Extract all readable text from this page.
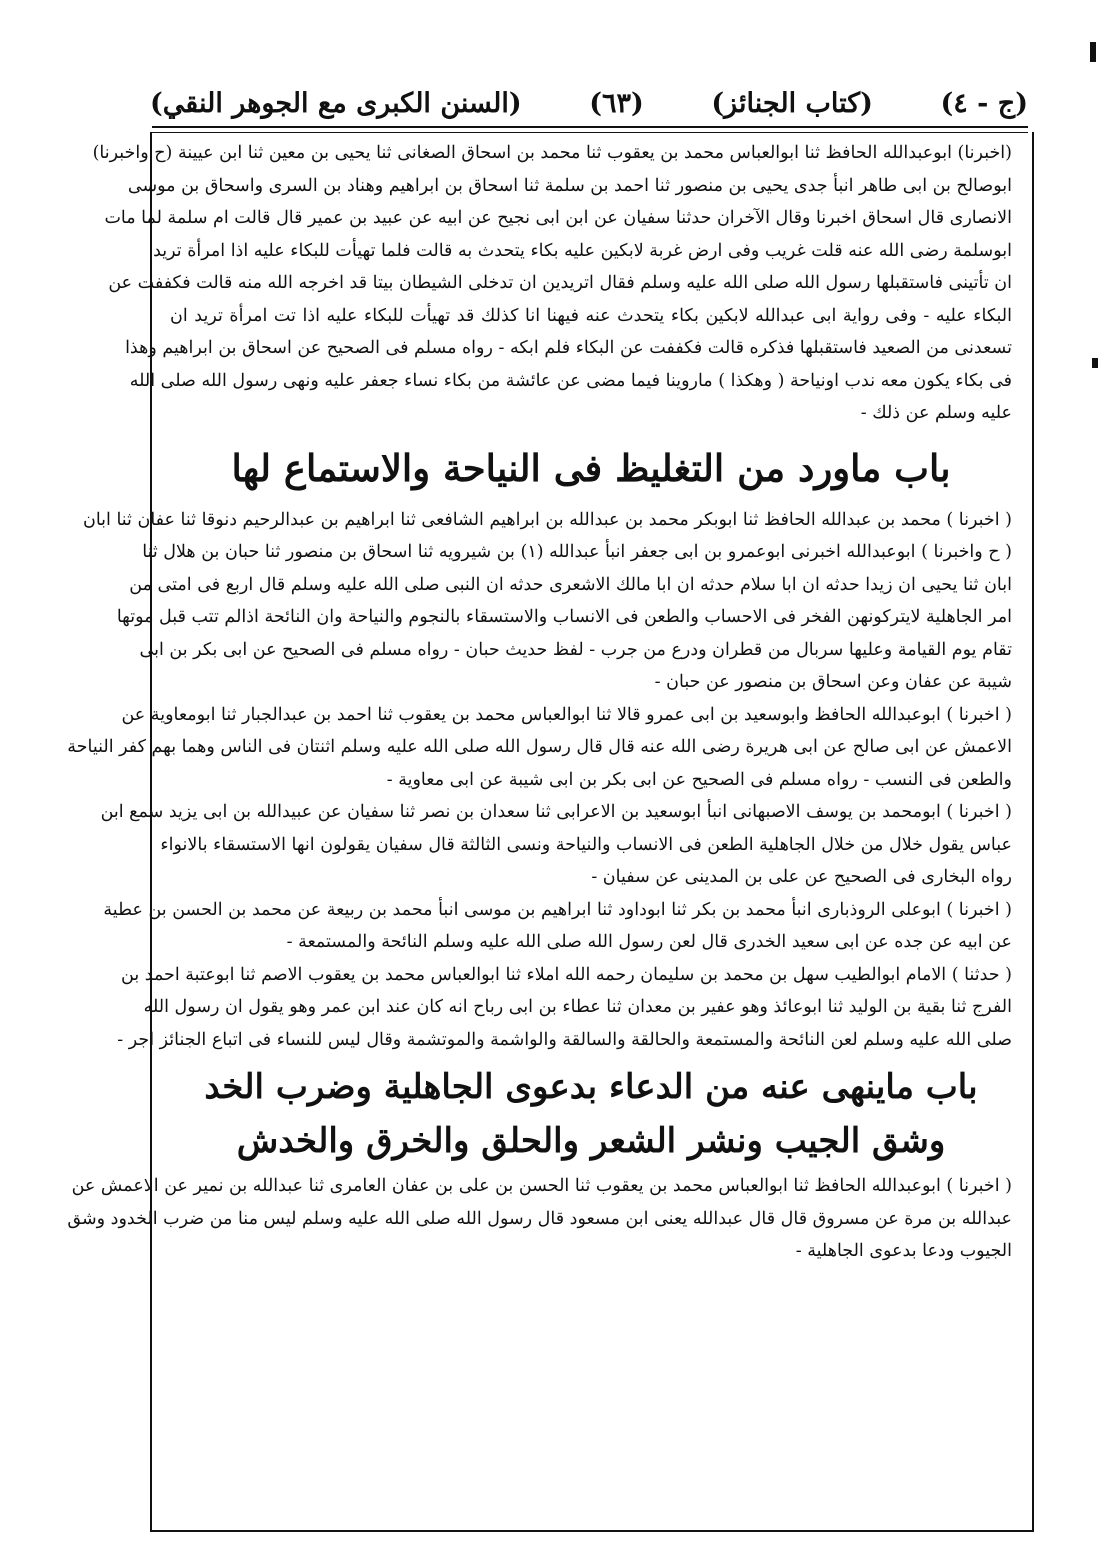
(السنن الكبرى مع الجوهر النقي)	(٦٣)	(كتاب الجنائز)	(ج - ٤)
(اخبرنا) ابوعبدالله الحافظ ثنا ابوالعباس محمد بن يعقوب ثنا محمد بن اسحاق الصغانى ثنا يحيى بن معين ثنا ابن عيينة (ح واخبرنا)
ابوصالح بن ابى طاهر انبأ جدى يحيى بن منصور ثنا احمد بن سلمة ثنا اسحاق بن ابراهيم وهناد بن السرى واسحاق بن موسى
الانصارى قال اسحاق اخبرنا وقال الآخران حدثنا سفيان عن ابن ابى نجيح عن ابيه عن عبيد بن عمير قال قالت ام سلمة لما مات
ابوسلمة رضى الله عنه قلت غريب وفى ارض غربة لابكين عليه بكاء يتحدث به قالت فلما تهيأت للبكاء عليه اذا امرأة تريد
ان تأتينى فاستقبلها رسول الله صلى الله عليه وسلم فقال اتريدين ان تدخلى الشيطان بيتا قد اخرجه الله منه قالت فكففت عن
البكاء عليه - وفى رواية ابى عبدالله لابكين بكاء يتحدث عنه فيهنا انا كذلك قد تهيأت للبكاء عليه اذا تت امرأة تريد ان
تسعدنى من الصعيد فاستقبلها فذكره قالت فكففت عن البكاء فلم ابكه - رواه مسلم فى الصحيح عن اسحاق بن ابراهيم وهذا
فى بكاء يكون معه ندب اونياحة ( وهكذا ) ماروينا فيما مضى عن عائشة من بكاء نساء جعفر عليه ونهى رسول الله صلى الله
عليه وسلم عن ذلك -
باب ماورد من التغليظ فى النياحة والاستماع لها
( اخبرنا ) محمد بن عبدالله الحافظ ثنا ابوبكر محمد بن عبدالله بن ابراهيم الشافعى ثنا ابراهيم بن عبدالرحيم دنوقا ثنا عفان ثنا ابان
( ح واخبرنا ) ابوعبدالله اخبرنى ابوعمرو بن ابى جعفر انبأ عبدالله (١) بن شيرويه ثنا اسحاق بن منصور ثنا حبان بن هلال ثنا
ابان ثنا يحيى ان زيدا حدثه ان ابا سلام حدثه ان ابا مالك الاشعرى حدثه ان النبى صلى الله عليه وسلم قال اربع فى امتى من
امر الجاهلية لايتركونهن الفخر فى الاحساب والطعن فى الانساب والاستسقاء بالنجوم والنياحة وان النائحة اذالم تتب قبل موتها
تقام يوم القيامة وعليها سربال من قطران ودرع من جرب - لفظ حديث حبان - رواه مسلم فى الصحيح عن ابى بكر بن ابى
شيبة عن عفان وعن اسحاق بن منصور عن حبان -
( اخبرنا ) ابوعبدالله الحافظ وابوسعيد بن ابى عمرو قالا ثنا ابوالعباس محمد بن يعقوب ثنا احمد بن عبدالجبار ثنا ابومعاوية عن
الاعمش عن ابى صالح عن ابى هريرة رضى الله عنه قال قال رسول الله صلى الله عليه وسلم اثنتان فى الناس وهما بهم كفر النياحة
والطعن فى النسب - رواه مسلم فى الصحيح عن ابى بكر بن ابى شيبة عن ابى معاوية -
( اخبرنا ) ابومحمد بن يوسف الاصبهانى انبأ ابوسعيد بن الاعرابى ثنا سعدان بن نصر ثنا سفيان عن عبيدالله بن ابى يزيد سمع ابن
عباس يقول خلال من خلال الجاهلية الطعن فى الانساب والنياحة ونسى الثالثة قال سفيان يقولون انها الاستسقاء بالانواء
رواه البخارى فى الصحيح عن على بن المدينى عن سفيان -
( اخبرنا ) ابوعلى الروذبارى انبأ محمد بن بكر ثنا ابوداود ثنا ابراهيم بن موسى انبأ محمد بن ربيعة عن محمد بن الحسن بن عطية
عن ابيه عن جده عن ابى سعيد الخدرى قال لعن رسول الله صلى الله عليه وسلم النائحة والمستمعة -
( حدثنا ) الامام ابوالطيب سهل بن محمد بن سليمان رحمه الله املاء ثنا ابوالعباس محمد بن يعقوب الاصم ثنا ابوعتبة احمد بن
الفرج ثنا بقية بن الوليد ثنا ابوعائذ وهو عفير بن معدان ثنا عطاء بن ابى رباح انه كان عند ابن عمر وهو يقول ان رسول الله
صلى الله عليه وسلم لعن النائحة والمستمعة والحالقة والسالقة والواشمة والموتشمة وقال ليس للنساء فى اتباع الجنائز اجر -
باب ماينهى عنه من الدعاء بدعوى الجاهلية وضرب الخد
وشق الجيب ونشر الشعر والحلق والخرق والخدش
( اخبرنا ) ابوعبدالله الحافظ ثنا ابوالعباس محمد بن يعقوب ثنا الحسن بن على بن عفان العامرى ثنا عبدالله بن نمير عن الاعمش عن
عبدالله بن مرة عن مسروق قال قال عبدالله يعنى ابن مسعود قال رسول الله صلى الله عليه وسلم ليس منا من ضرب الخدود وشق
الجيوب ودعا بدعوى الجاهلية -
